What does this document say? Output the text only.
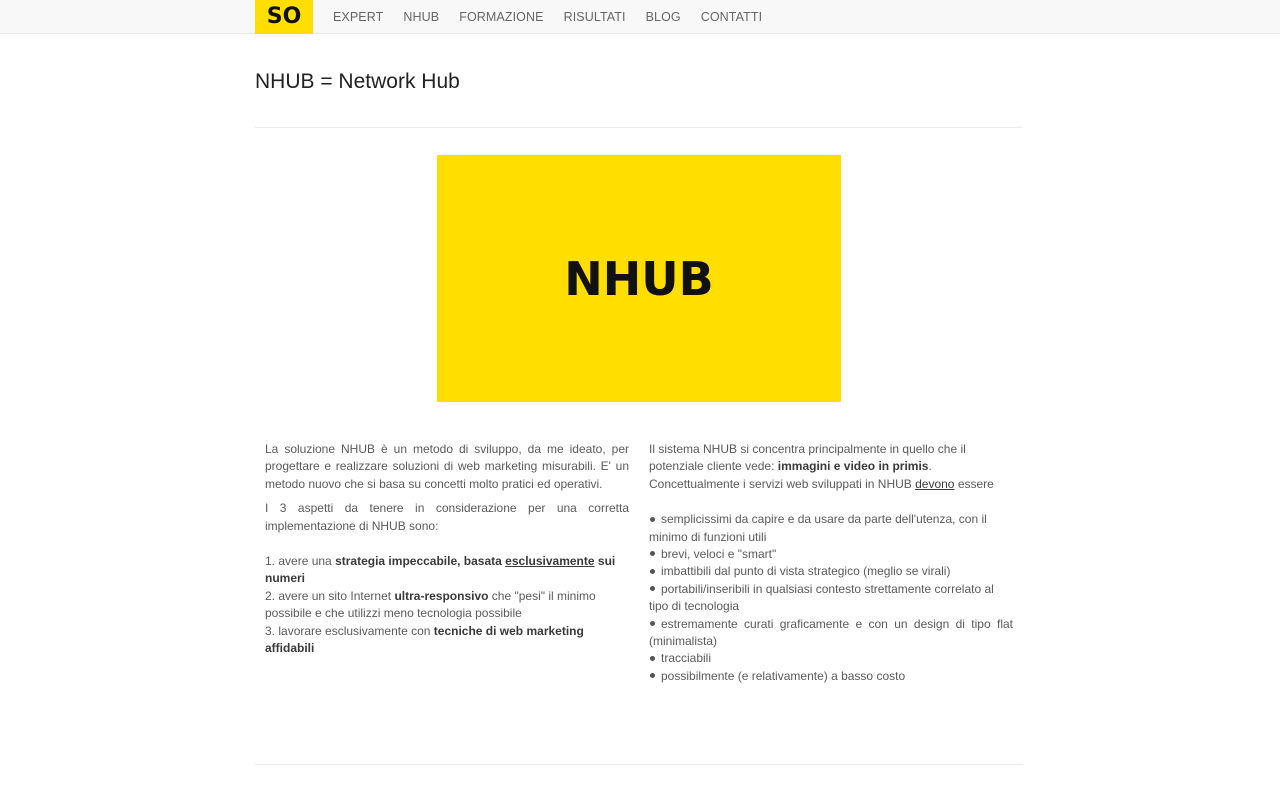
SO	EXPERT NHUB FORMAZIONE RISULTATI BLOG CONTATTI
NHUB = Network Hub
NHUB

La soluzione NHUB è un metodo di sviluppo, da me ideato, per progettare e realizzare soluzioni di web marketing misurabili. E' un metodo nuovo che si basa su concetti molto pratici ed operativi.

I 3 aspetti da tenere in considerazione per una corretta implementazione di NHUB sono:

1. avere una strategia impeccabile, basata esclusivamente sui numeri

2. avere un sito Internet ultra-responsivo che "pesi" il minimo possibile e che utilizzi meno tecnologia possibile

3. lavorare esclusivamente con tecniche di web marketing affidabili

Il sistema NHUB si concentra principalmente in quello che il potenziale cliente vede: immagini e video in primis. Concettualmente i servizi web sviluppati in NHUB devono essere

semplicissimi da capire e da usare da parte dell'utenza, con il minimo di funzioni utili

brevi, veloci e "smart"

imbattibili dal punto di vista strategico (meglio se virali)

portabili/inseribili in qualsiasi contesto strettamente correlato al tipo di tecnologia

estremamente curati graficamente e con un design di tipo flat (minimalista)

tracciabili

possibilmente (e relativamente) a basso costo
